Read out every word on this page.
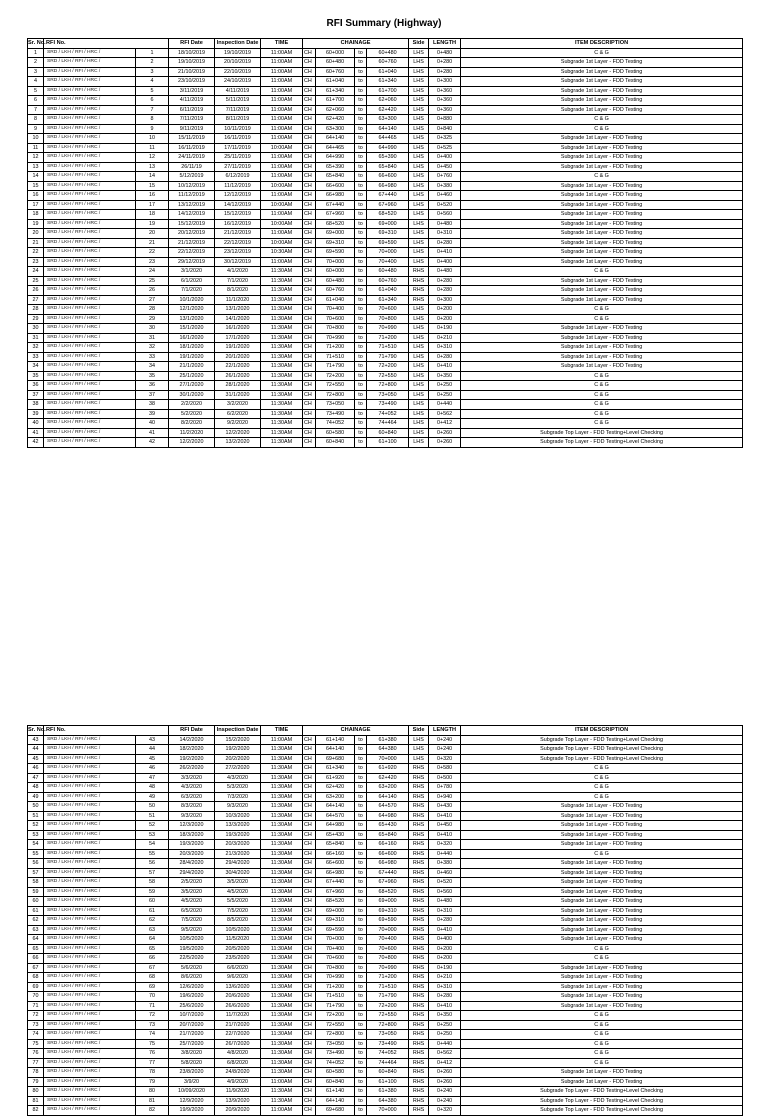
RFI Summary (Highway)
Sr. No.	RFI No.		RFI Date	Inspection Date	TIME	CHAINAGE				Side	LENGTH	ITEM DESCRIPTION
1	SRD / LKH / RFI / HRC /	1	18/10/2019	19/10/2019	11:00AM	CH	60+000	to	60+480	LHS	0+480	C & G
2	SRD / LKH / RFI / HRC /	2	19/10/2019	20/10/2019	11:00AM	CH	60+480	to	60+760	LHS	0+280	Subgrade 1st Layer - FDD Testing
3	SRD / LKH / RFI / HRC /	3	21/10/2019	22/10/2019	11:00AM	CH	60+760	to	61+040	LHS	0+280	Subgrade 1st Layer - FDD Testing
4	SRD / LKH / RFI / HRC /	4	23/10/2019	24/10/2019	11:00AM	CH	61+040	to	61+340	LHS	0+300	Subgrade 1st Layer - FDD Testing
5	SRD / LKH / RFI / HRC /	5	3/11/2019	4/11/2019	11:00AM	CH	61+340	to	61+700	LHS	0+360	Subgrade 1st Layer - FDD Testing
6	SRD / LKH / RFI / HRC /	6	4/11/2019	5/11/2019	11:00AM	CH	61+700	to	62+060	LHS	0+360	Subgrade 1st Layer - FDD Testing
7	SRD / LKH / RFI / HRC /	7	6/11/2019	7/11/2019	11:00AM	CH	62+060	to	62+420	LHS	0+360	Subgrade 1st Layer - FDD Testing
8	SRD / LKH / RFI / HRC /	8	7/11/2019	8/11/2019	11:00AM	CH	62+420	to	63+300	LHS	0+880	C & G
9	SRD / LKH / RFI / HRC /	9	9/11/2019	10/11/2019	11:00AM	CH	63+300	to	64+140	LHS	0+840	C & G
10	SRD / LKH / RFI / HRC /	10	15/11/2019	16/11/2019	11:00AM	CH	64+140	to	64+465	LHS	0+325	Subgrade 1st Layer - FDD Testing
11	SRD / LKH / RFI / HRC /	11	16/11/2019	17/11/2019	10:00AM	CH	64+465	to	64+990	LHS	0+525	Subgrade 1st Layer - FDD Testing
12	SRD / LKH / RFI / HRC /	12	24/11/2019	25/11/2019	11:00AM	CH	64+990	to	65+390	LHS	0+400	Subgrade 1st Layer - FDD Testing
13	SRD / LKH / RFI / HRC /	13	26/11/19	27/11/2019	11:00AM	CH	65+390	to	65+840	LHS	0+450	Subgrade 1st Layer - FDD Testing
14	SRD / LKH / RFI / HRC /	14	5/12/2019	6/12/2019	11:00AM	CH	65+840	to	66+600	LHS	0+760	C & G
15	SRD / LKH / RFI / HRC /	15	10/12/2019	11/12/2019	10:00AM	CH	66+600	to	66+980	LHS	0+380	Subgrade 1st Layer - FDD Testing
16	SRD / LKH / RFI / HRC /	16	11/12/2019	12/12/2019	11:00AM	CH	66+980	to	67+440	LHS	0+460	Subgrade 1st Layer - FDD Testing
17	SRD / LKH / RFI / HRC /	17	13/12/2019	14/12/2019	10:00AM	CH	67+440	to	67+960	LHS	0+520	Subgrade 1st Layer - FDD Testing
18	SRD / LKH / RFI / HRC /	18	14/12/2019	15/12/2019	11:00AM	CH	67+960	to	68+520	LHS	0+560	Subgrade 1st Layer - FDD Testing
19	SRD / LKH / RFI / HRC /	19	15/12/2019	16/12/2019	10:00AM	CH	68+520	to	69+000	LHS	0+480	Subgrade 1st Layer - FDD Testing
20	SRD / LKH / RFI / HRC /	20	20/12/2019	21/12/2019	11:00AM	CH	69+000	to	69+310	LHS	0+310	Subgrade 1st Layer - FDD Testing
21	SRD / LKH / RFI / HRC /	21	21/12/2019	22/12/2019	10:00AM	CH	69+310	to	69+590	LHS	0+280	Subgrade 1st Layer - FDD Testing
22	SRD / LKH / RFI / HRC /	22	22/12/2019	23/12/2019	10:30AM	CH	69+590	to	70+000	LHS	0+410	Subgrade 1st Layer - FDD Testing
23	SRD / LKH / RFI / HRC /	23	29/12/2019	30/12/2019	11:00AM	CH	70+000	to	70+400	LHS	0+400	Subgrade 1st Layer - FDD Testing
24	SRD / LKH / RFI / HRC /	24	3/1/2020	4/1/2020	11:30AM	CH	60+000	to	60+480	RHS	0+480	C & G
25	SRD / LKH / RFI / HRC /	25	6/1/2020	7/1/2020	11:30AM	CH	60+480	to	60+760	RHS	0+280	Subgrade 1st Layer - FDD Testing
26	SRD / LKH / RFI / HRC /	26	7/1/2020	8/1/2020	11:30AM	CH	60+760	to	61+040	RHS	0+280	Subgrade 1st Layer - FDD Testing
27	SRD / LKH / RFI / HRC /	27	10/1/2020	11/1/2020	11:30AM	CH	61+040	to	61+340	RHS	0+300	Subgrade 1st Layer - FDD Testing
28	SRD / LKH / RFI / HRC /	28	12/1/2020	13/1/2020	11:30AM	CH	70+400	to	70+600	LHS	0+200	C & G
29	SRD / LKH / RFI / HRC /	29	13/1/2020	14/1/2020	11:30AM	CH	70+600	to	70+800	LHS	0+200	C & G
30	SRD / LKH / RFI / HRC /	30	15/1/2020	16/1/2020	11:30AM	CH	70+800	to	70+990	LHS	0+190	Subgrade 1st Layer - FDD Testing
31	SRD / LKH / RFI / HRC /	31	16/1/2020	17/1/2020	11:30AM	CH	70+990	to	71+200	LHS	0+210	Subgrade 1st Layer - FDD Testing
32	SRD / LKH / RFI / HRC /	32	18/1/2020	19/1/2020	11:30AM	CH	71+200	to	71+510	LHS	0+310	Subgrade 1st Layer - FDD Testing
33	SRD / LKH / RFI / HRC /	33	19/1/2020	20/1/2020	11:30AM	CH	71+510	to	71+790	LHS	0+280	Subgrade 1st Layer - FDD Testing
34	SRD / LKH / RFI / HRC /	34	21/1/2020	22/1/2020	11:30AM	CH	71+790	to	72+200	LHS	0+410	Subgrade 1st Layer - FDD Testing
35	SRD / LKH / RFI / HRC /	35	25/1/2020	26/1/2020	11:30AM	CH	72+200	to	72+550	LHS	0+350	C & G
36	SRD / LKH / RFI / HRC /	36	27/1/2020	28/1/2020	11:30AM	CH	72+550	to	72+800	LHS	0+250	C & G
37	SRD / LKH / RFI / HRC /	37	30/1/2020	31/1/2020	11:30AM	CH	72+800	to	73+050	LHS	0+250	C & G
38	SRD / LKH / RFI / HRC /	38	2/2/2020	3/2/2020	11:30AM	CH	73+050	to	73+490	LHS	0+440	C & G
39	SRD / LKH / RFI / HRC /	39	5/2/2020	6/2/2020	11:30AM	CH	73+490	to	74+052	LHS	0+562	C & G
40	SRD / LKH / RFI / HRC /	40	8/2/2020	9/2/2020	11:30AM	CH	74+052	to	74+464	LHS	0+412	C & G
41	SRD / LKH / RFI / HRC /	41	11/2/2020	12/2/2020	11:30AM	CH	60+580	to	60+840	LHS	0+260	Subgrade Top Layer - FDD Testing+Level Checking
42	SRD / LKH / RFI / HRC /	42	12/2/2020	13/2/2020	11:30AM	CH	60+840	to	61+100	LHS	0+260	Subgrade Top Layer - FDD Testing+Level Checking
Sr. No.	RFI No.		RFI Date	Inspection Date	TIME	CHAINAGE				Side	LENGTH	ITEM DESCRIPTION
43	SRD / LKH / RFI / HRC /	43	14/2/2020	15/2/2020	11:00AM	CH	61+140	to	61+380	LHS	0+240	Subgrade Top Layer - FDD Testing+Level Checking
44	SRD / LKH / RFI / HRC /	44	18/2/2020	19/2/2020	11:30AM	CH	64+140	to	64+380	LHS	0+240	Subgrade Top Layer - FDD Testing+Level Checking
45	SRD / LKH / RFI / HRC /	45	19/2/2020	20/2/2020	11:30AM	CH	69+680	to	70+000	LHS	0+320	Subgrade Top Layer - FDD Testing+Level Checking
46	SRD / LKH / RFI / HRC /	46	26/2/2020	27/2/2020	11:30AM	CH	61+340	to	61+920	RHS	0+580	C & G
47	SRD / LKH / RFI / HRC /	47	3/3/2020	4/3/2020	11:30AM	CH	61+920	to	62+420	RHS	0+500	C & G
48	SRD / LKH / RFI / HRC /	48	4/3/2020	5/3/2020	11:30AM	CH	62+420	to	63+200	RHS	0+780	C & G
49	SRD / LKH / RFI / HRC /	49	6/3/2020	7/3/2020	11:30AM	CH	63+200	to	64+140	RHS	0+940	C & G
50	SRD / LKH / RFI / HRC /	50	8/3/2020	9/3/2020	11:30AM	CH	64+140	to	64+570	RHS	0+430	Subgrade 1st Layer - FDD Testing
51	SRD / LKH / RFI / HRC /	51	9/3/2020	10/3/2020	11:30AM	CH	64+570	to	64+980	RHS	0+410	Subgrade 1st Layer - FDD Testing
52	SRD / LKH / RFI / HRC /	52	12/3/2020	13/3/2020	11:30AM	CH	64+980	to	65+430	RHS	0+450	Subgrade 1st Layer - FDD Testing
53	SRD / LKH / RFI / HRC /	53	18/3/2020	19/3/2020	11:30AM	CH	65+430	to	65+840	RHS	0+410	Subgrade 1st Layer - FDD Testing
54	SRD / LKH / RFI / HRC /	54	19/3/2020	20/3/2020	11:30AM	CH	65+840	to	66+160	RHS	0+320	Subgrade 1st Layer - FDD Testing
55	SRD / LKH / RFI / HRC /	55	20/3/2020	21/3/2020	11:30AM	CH	66+160	to	66+600	RHS	0+440	C & G
56	SRD / LKH / RFI / HRC /	56	28/4/2020	29/4/2020	11:30AM	CH	66+600	to	66+980	RHS	0+380	Subgrade 1st Layer - FDD Testing
57	SRD / LKH / RFI / HRC /	57	29/4/2020	30/4/2020	11:30AM	CH	66+980	to	67+440	RHS	0+460	Subgrade 1st Layer - FDD Testing
58	SRD / LKH / RFI / HRC /	58	2/5/2020	3/5/2020	11:30AM	CH	67+440	to	67+960	RHS	0+520	Subgrade 1st Layer - FDD Testing
59	SRD / LKH / RFI / HRC /	59	3/5/2020	4/5/2020	11:30AM	CH	67+960	to	68+520	RHS	0+560	Subgrade 1st Layer - FDD Testing
60	SRD / LKH / RFI / HRC /	60	4/5/2020	5/5/2020	11:30AM	CH	68+520	to	69+000	RHS	0+480	Subgrade 1st Layer - FDD Testing
61	SRD / LKH / RFI / HRC /	61	6/5/2020	7/5/2020	11:30AM	CH	69+000	to	69+310	RHS	0+310	Subgrade 1st Layer - FDD Testing
62	SRD / LKH / RFI / HRC /	62	7/5/2020	8/5/2020	11:30AM	CH	69+310	to	69+590	RHS	0+280	Subgrade 1st Layer - FDD Testing
63	SRD / LKH / RFI / HRC /	63	9/5/2020	10/5/2020	11:30AM	CH	69+590	to	70+000	RHS	0+410	Subgrade 1st Layer - FDD Testing
64	SRD / LKH / RFI / HRC /	64	10/5/2020	11/5/2020	11:30AM	CH	70+000	to	70+400	RHS	0+400	Subgrade 1st Layer - FDD Testing
65	SRD / LKH / RFI / HRC /	65	19/5/2020	20/5/2020	11:30AM	CH	70+400	to	70+600	RHS	0+200	C & G
66	SRD / LKH / RFI / HRC /	66	22/5/2020	23/5/2020	11:30AM	CH	70+600	to	70+800	RHS	0+200	C & G
67	SRD / LKH / RFI / HRC /	67	5/6/2020	6/6/2020	11:30AM	CH	70+800	to	70+990	RHS	0+190	Subgrade 1st Layer - FDD Testing
68	SRD / LKH / RFI / HRC /	68	8/6/2020	9/6/2020	11:30AM	CH	70+990	to	71+200	RHS	0+210	Subgrade 1st Layer - FDD Testing
69	SRD / LKH / RFI / HRC /	69	12/6/2020	13/6/2020	11:30AM	CH	71+200	to	71+510	RHS	0+310	Subgrade 1st Layer - FDD Testing
70	SRD / LKH / RFI / HRC /	70	19/6/2020	20/6/2020	11:30AM	CH	71+510	to	71+790	RHS	0+280	Subgrade 1st Layer - FDD Testing
71	SRD / LKH / RFI / HRC /	71	25/6/2020	26/6/2020	11:30AM	CH	71+790	to	72+200	RHS	0+410	Subgrade 1st Layer - FDD Testing
72	SRD / LKH / RFI / HRC /	72	10/7/2020	11/7/2020	11:30AM	CH	72+200	to	72+550	RHS	0+350	C & G
73	SRD / LKH / RFI / HRC /	73	20/7/2020	21/7/2020	11:30AM	CH	72+550	to	72+800	RHS	0+250	C & G
74	SRD / LKH / RFI / HRC /	74	21/7/2020	22/7/2020	11:30AM	CH	72+800	to	73+050	RHS	0+250	C & G
75	SRD / LKH / RFI / HRC /	75	25/7/2020	26/7/2020	11:30AM	CH	73+050	to	73+490	RHS	0+440	C & G
76	SRD / LKH / RFI / HRC /	76	3/8/2020	4/8/2020	11:30AM	CH	73+490	to	74+052	RHS	0+562	C & G
77	SRD / LKH / RFI / HRC /	77	5/8/2020	6/8/2020	11:30AM	CH	74+052	to	74+464	RHS	0+412	C & G
78	SRD / LKH / RFI / HRC /	78	23/8/2020	24/8/2020	11:30AM	CH	60+580	to	60+840	RHS	0+260	Subgrade 1st Layer - FDD Testing
79	SRD / LKH / RFI / HRC /	79	3/9/20	4/9/2020	11:00AM	CH	60+840	to	61+100	RHS	0+260	Subgrade 1st Layer - FDD Testing
80	SRD / LKH / RFI / HRC /	80	10/09/2020	11/9/2020	11:30AM	CH	61+140	to	61+380	RHS	0+240	Subgrade Top Layer - FDD Testing+Level Checking
81	SRD / LKH / RFI / HRC /	81	12/9/2020	13/9/2020	11:30AM	CH	64+140	to	64+380	RHS	0+240	Subgrade Top Layer - FDD Testing+Level Checking
82	SRD / LKH / RFI / HRC /	82	19/9/2020	20/9/2020	11:00AM	CH	69+680	to	70+000	RHS	0+320	Subgrade Top Layer - FDD Testing+Level Checking
